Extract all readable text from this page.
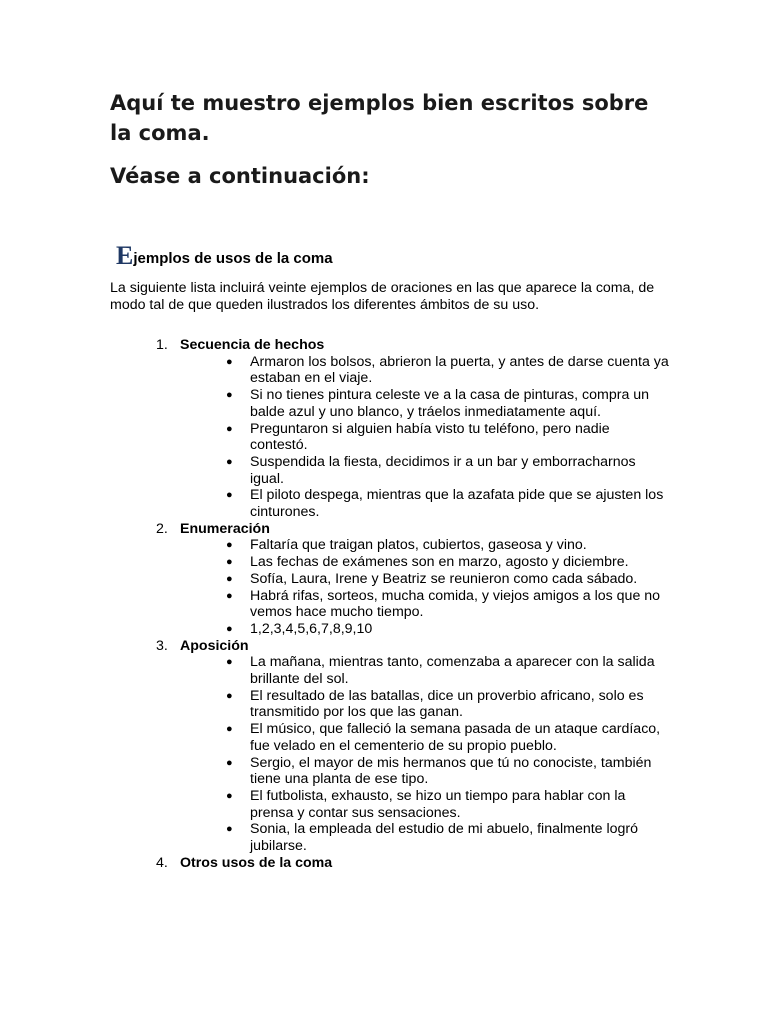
Aquí te muestro ejemplos bien escritos sobre la coma.
Véase a continuación:
Ejemplos de usos de la coma

La siguiente lista incluirá veinte ejemplos de oraciones en las que aparece la coma, de modo tal de que queden ilustrados los diferentes ámbitos de su uso.

1. Secuencia de hechos
● Armaron los bolsos, abrieron la puerta, y antes de darse cuenta ya estaban en el viaje.
● Si no tienes pintura celeste ve a la casa de pinturas, compra un balde azul y uno blanco, y tráelos inmediatamente aquí.
● Preguntaron si alguien había visto tu teléfono, pero nadie contestó.
● Suspendida la fiesta, decidimos ir a un bar y emborracharnos igual.
● El piloto despega, mientras que la azafata pide que se ajusten los cinturones.
2. Enumeración
● Faltaría que traigan platos, cubiertos, gaseosa y vino.
● Las fechas de exámenes son en marzo, agosto y diciembre.
● Sofía, Laura, Irene y Beatriz se reunieron como cada sábado.
● Habrá rifas, sorteos, mucha comida, y viejos amigos a los que no vemos hace mucho tiempo.
● 1,2,3,4,5,6,7,8,9,10
3. Aposición
● La mañana, mientras tanto, comenzaba a aparecer con la salida brillante del sol.
● El resultado de las batallas, dice un proverbio africano, solo es transmitido por los que las ganan.
● El músico, que falleció la semana pasada de un ataque cardíaco, fue velado en el cementerio de su propio pueblo.
● Sergio, el mayor de mis hermanos que tú no conociste, también tiene una planta de ese tipo.
● El futbolista, exhausto, se hizo un tiempo para hablar con la prensa y contar sus sensaciones.
● Sonia, la empleada del estudio de mi abuelo, finalmente logró jubilarse.
4. Otros usos de la coma
